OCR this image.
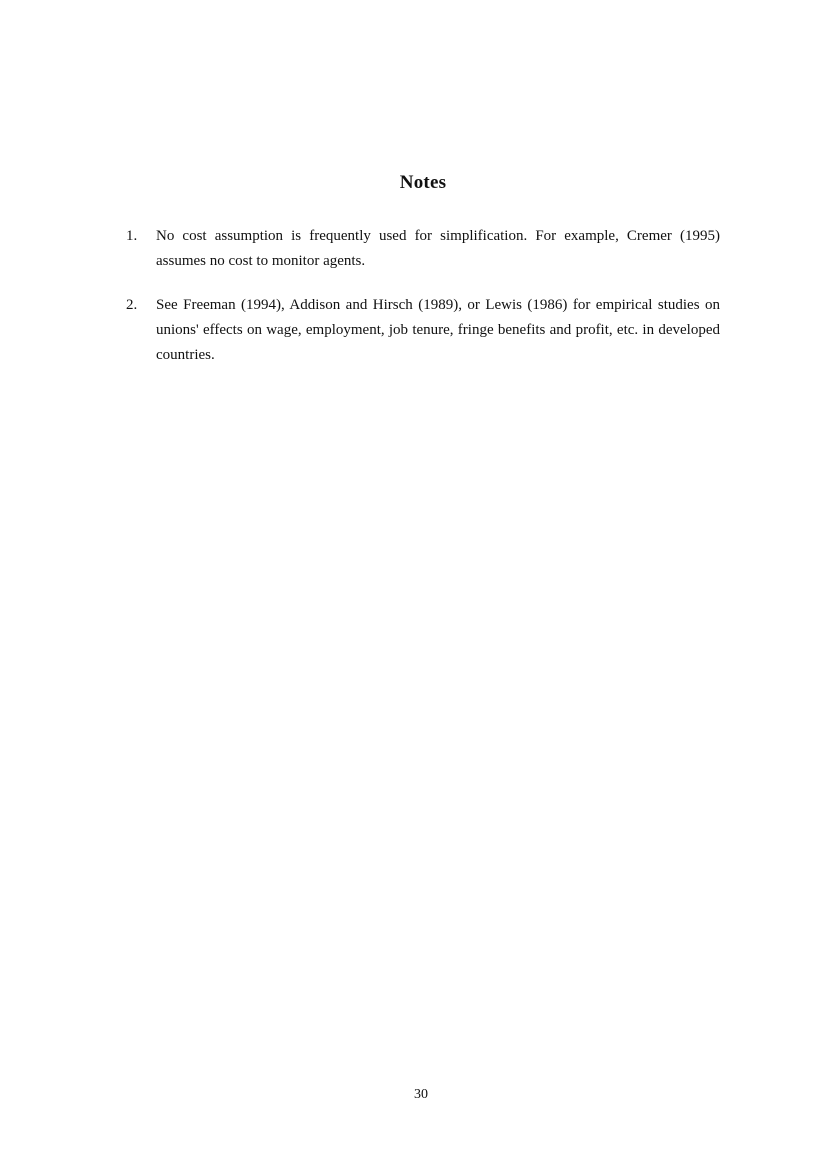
Notes
1.	No cost assumption is frequently used for simplification. For example, Cremer (1995) assumes no cost to monitor agents.
2.	See Freeman (1994), Addison and Hirsch (1989), or Lewis (1986) for empirical studies on unions' effects on wage, employment, job tenure, fringe benefits and profit, etc. in developed countries.
30
